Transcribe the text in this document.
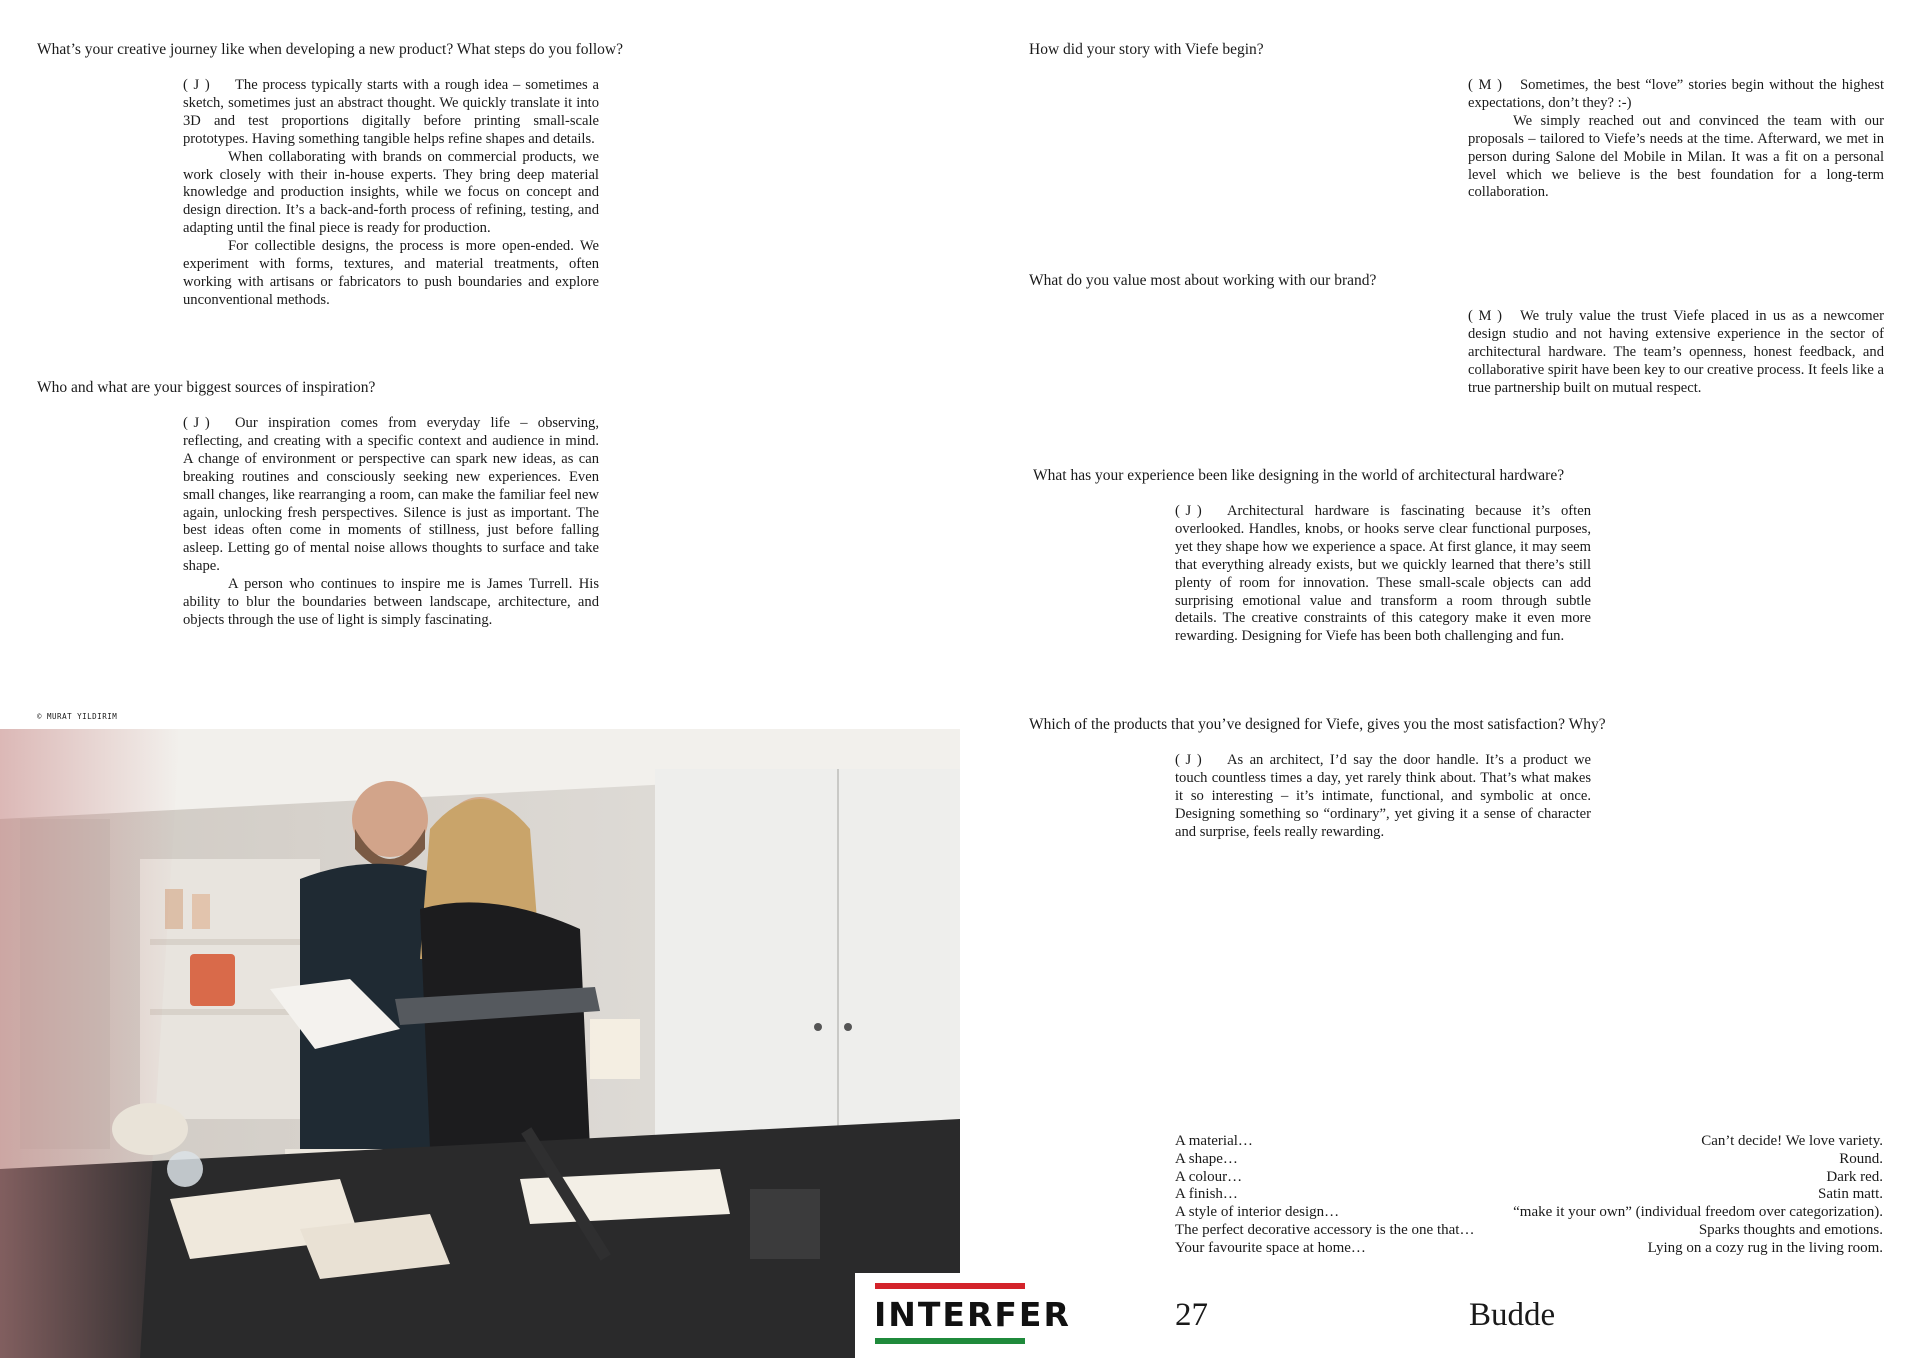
What’s your creative journey like when developing a new product? What steps do you follow?

( J ) The process typically starts with a rough idea – sometimes a sketch, sometimes just an abstract thought. We quickly translate it into 3D and test proportions digitally before printing small-scale prototypes. Having something tangible helps refine shapes and details.

When collaborating with brands on commercial products, we work closely with their in-house experts. They bring deep material knowledge and production insights, while we focus on concept and design direction. It’s a back-and-forth process of refining, testing, and adapting until the final piece is ready for production.

For collectible designs, the process is more open-ended. We experiment with forms, textures, and material treatments, often working with artisans or fabricators to push boundaries and explore unconventional methods.

Who and what are your biggest sources of inspiration?

( J ) Our inspiration comes from everyday life – observing, reflecting, and creating with a specific context and audience in mind. A change of environment or perspective can spark new ideas, as can breaking routines and consciously seeking new experiences. Even small changes, like rearranging a room, can make the familiar feel new again, unlocking fresh perspectives. Silence is just as important. The best ideas often come in moments of stillness, just before falling asleep. Letting go of mental noise allows thoughts to surface and take shape.

A person who continues to inspire me is James Turrell. His ability to blur the boundaries between landscape, architecture, and objects through the use of light is simply fascinating.

© MURAT YILDIRIM
How did your story with Viefe begin?

( M ) Sometimes, the best “love” stories begin without the highest expectations, don’t they? :-)

We simply reached out and convinced the team with our proposals – tailored to Viefe’s needs at the time. Afterward, we met in person during Salone del Mobile in Milan. It was a fit on a personal level which we believe is the best foundation for a long-term collaboration.

What do you value most about working with our brand?

( M ) We truly value the trust Viefe placed in us as a newcomer design studio and not having extensive experience in the sector of architectural hardware. The team’s openness, honest feedback, and collaborative spirit have been key to our creative process. It feels like a true partnership built on mutual respect.

What has your experience been like designing in the world of architectural hardware?

( J ) Architectural hardware is fascinating because it’s often overlooked. Handles, knobs, or hooks serve clear functional purposes, yet they shape how we experience a space. At first glance, it may seem that everything already exists, but we quickly learned that there’s still plenty of room for innovation. These small-scale objects can add surprising emotional value and transform a room through subtle details. The creative constraints of this category make it even more rewarding. Designing for Viefe has been both challenging and fun.

Which of the products that you’ve designed for Viefe, gives you the most satisfaction? Why?

( J ) As an architect, I’d say the door handle. It’s a product we touch countless times a day, yet rarely think about. That’s what makes it so interesting – it’s intimate, functional, and symbolic at once. Designing something so “ordinary”, yet giving it a sense of character and surprise, feels really rewarding.

A material…
A shape…
A colour…
A finish…
A style of interior design…
The perfect decorative accessory is the one that…
Your favourite space at home…
Can’t decide! We love variety.
Round.
Dark red.
Satin matt.
“make it your own” (individual freedom over categorization).
Sparks thoughts and emotions.
Lying on a cozy rug in the living room.
INTERFER	27	Budde
